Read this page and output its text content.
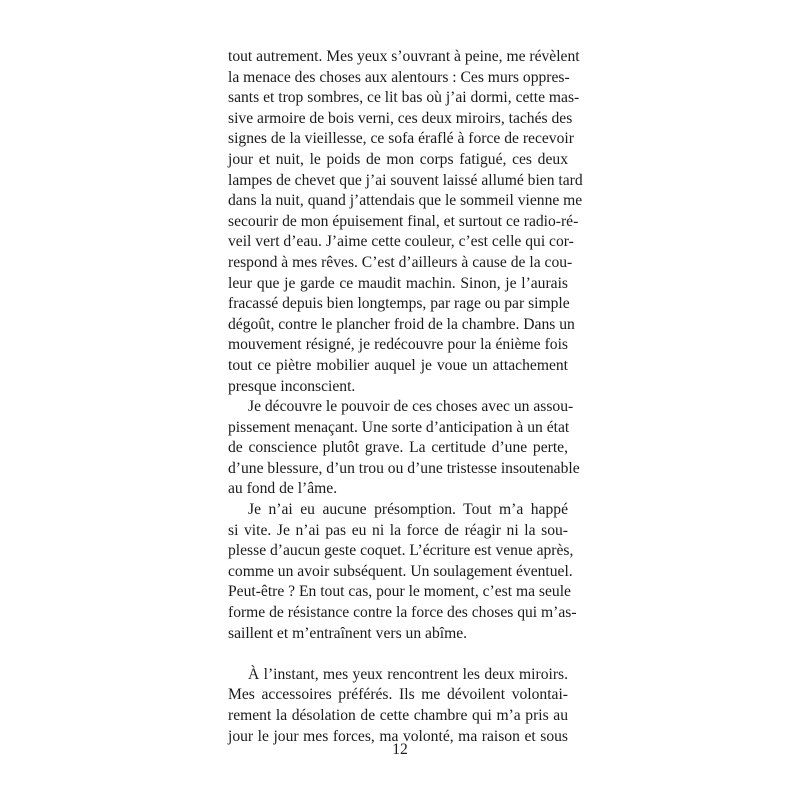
tout autrement. Mes yeux s’ouvrant à peine, me révèlent
la menace des choses aux alentours : Ces murs oppres-
sants et trop sombres, ce lit bas où j’ai dormi, cette mas-
sive armoire de bois verni, ces deux miroirs, tachés des
signes de la vieillesse, ce sofa éraflé à force de recevoir
jour et nuit, le poids de mon corps fatigué, ces deux
lampes de chevet que j’ai souvent laissé allumé bien tard
dans la nuit, quand j’attendais que le sommeil vienne me
secourir de mon épuisement final, et surtout ce radio-ré-
veil vert d’eau. J’aime cette couleur, c’est celle qui cor-
respond à mes rêves. C’est d’ailleurs à cause de la cou-
leur que je garde ce maudit machin. Sinon, je l’aurais
fracassé depuis bien longtemps, par rage ou par simple
dégoût, contre le plancher froid de la chambre. Dans un
mouvement résigné, je redécouvre pour la énième fois
tout ce piètre mobilier auquel je voue un attachement
presque inconscient.
Je découvre le pouvoir de ces choses avec un assou-
pissement menaçant. Une sorte d’anticipation à un état
de conscience plutôt grave. La certitude d’une perte,
d’une blessure, d’un trou ou d’une tristesse insoutenable
au fond de l’âme.
Je n’ai eu aucune présomption. Tout m’a happé
si vite. Je n’ai pas eu ni la force de réagir ni la sou-
plesse d’aucun geste coquet. L’écriture est venue après,
comme un avoir subséquent. Un soulagement éventuel.
Peut-être ? En tout cas, pour le moment, c’est ma seule
forme de résistance contre la force des choses qui m’as-
saillent et m’entraînent vers un abîme.
À l’instant, mes yeux rencontrent les deux miroirs.
Mes accessoires préférés. Ils me dévoilent volontai-
rement la désolation de cette chambre qui m’a pris au
jour le jour mes forces, ma volonté, ma raison et sous
12
